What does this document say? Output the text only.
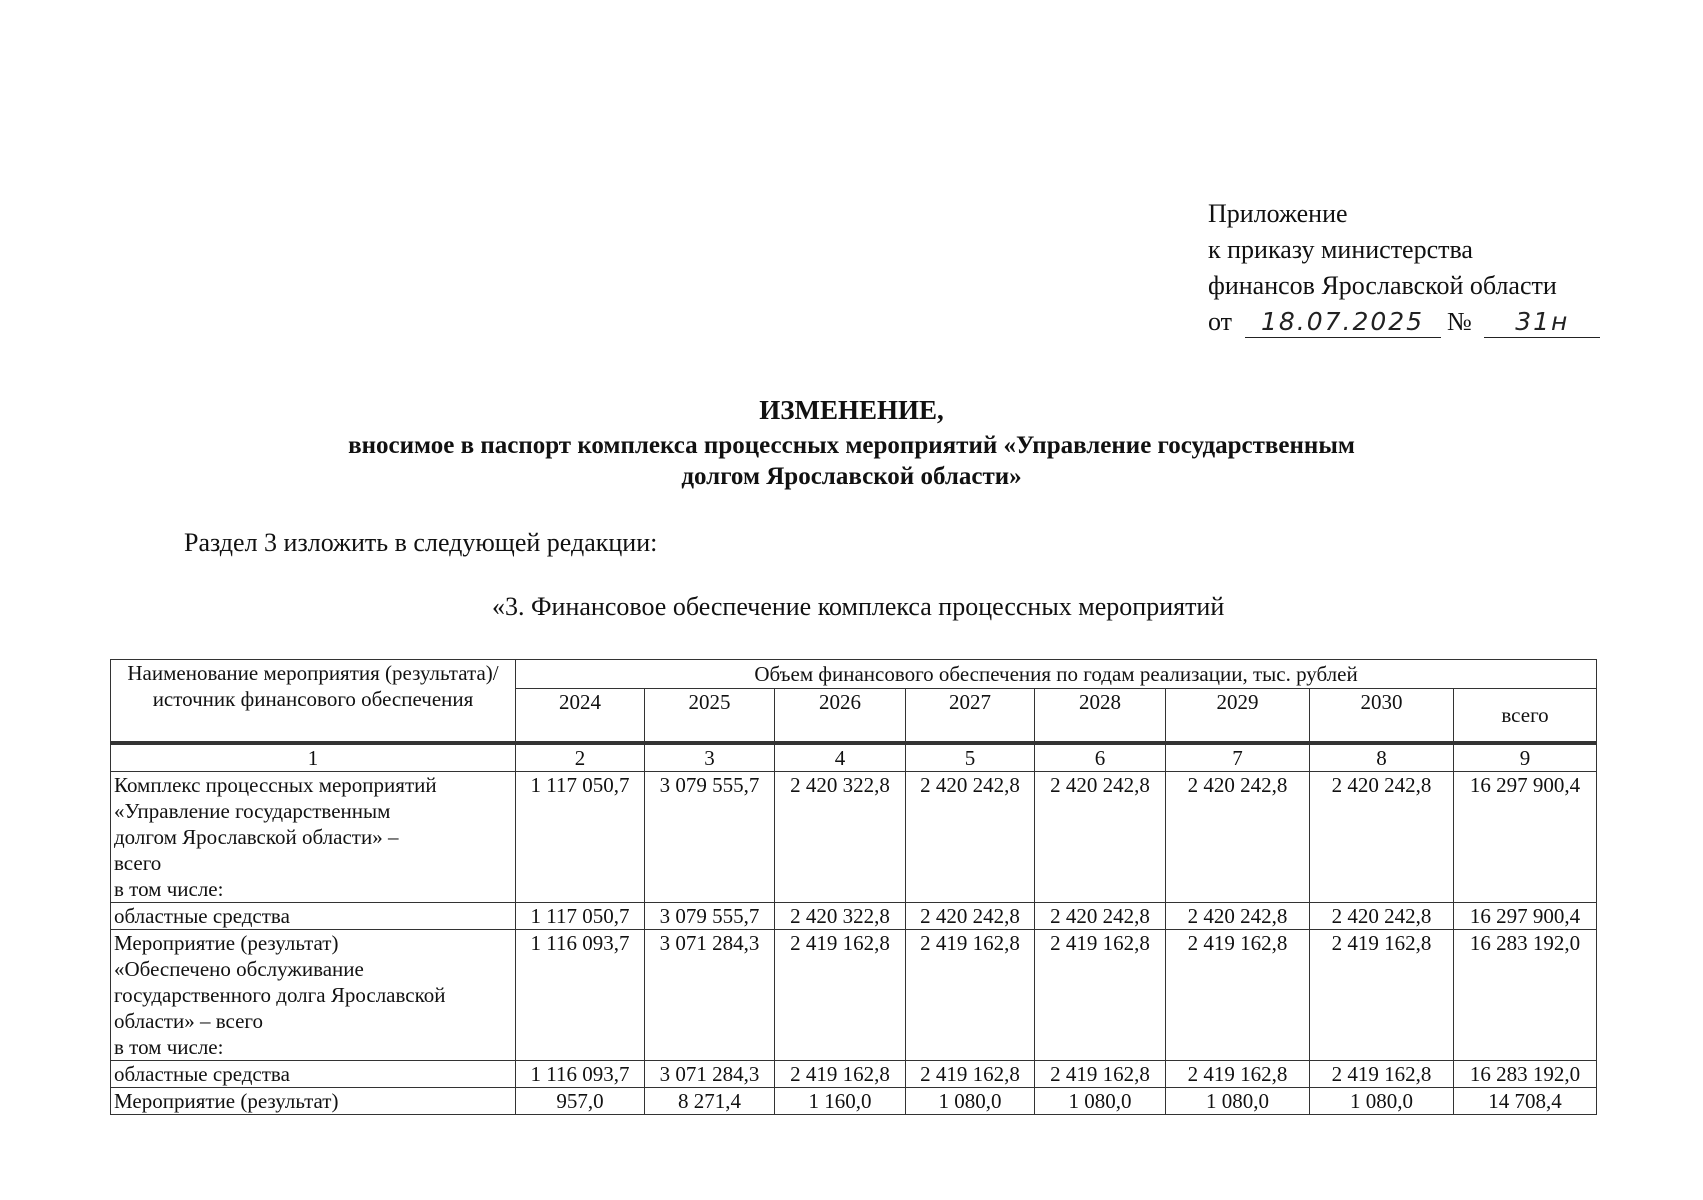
Приложение
к приказу министерства
финансов Ярославской области
от 18.07.2025 № 31н
ИЗМЕНЕНИЕ,
вносимое в паспорт комплекса процессных мероприятий «Управление государственным
долгом Ярославской области»
Раздел 3 изложить в следующей редакции:
«3. Финансовое обеспечение комплекса процессных мероприятий
Наименование мероприятия (результата)/ источник финансового обеспечения	Объем финансового обеспечения по годам реализации, тыс. рублей							
	2024	2025	2026	2027	2028	2029	2030	всего
1	2	3	4	5	6	7	8	9

Комплекс процессных мероприятий
«Управление государственным
долгом Ярославской области» –
всего
в том числе:	1 117 050,7	3 079 555,7	2 420 322,8	2 420 242,8	2 420 242,8	2 420 242,8	2 420 242,8	16 297 900,4

областные средства	1 117 050,7	3 079 555,7	2 420 322,8	2 420 242,8	2 420 242,8	2 420 242,8	2 420 242,8	16 297 900,4

Мероприятие (результат)
«Обеспечено обслуживание
государственного долга Ярославской
области» – всего
в том числе:	1 116 093,7	3 071 284,3	2 419 162,8	2 419 162,8	2 419 162,8	2 419 162,8	2 419 162,8	16 283 192,0

областные средства	1 116 093,7	3 071 284,3	2 419 162,8	2 419 162,8	2 419 162,8	2 419 162,8	2 419 162,8	16 283 192,0

Мероприятие (результат)	957,0	8 271,4	1 160,0	1 080,0	1 080,0	1 080,0	1 080,0	14 708,4
